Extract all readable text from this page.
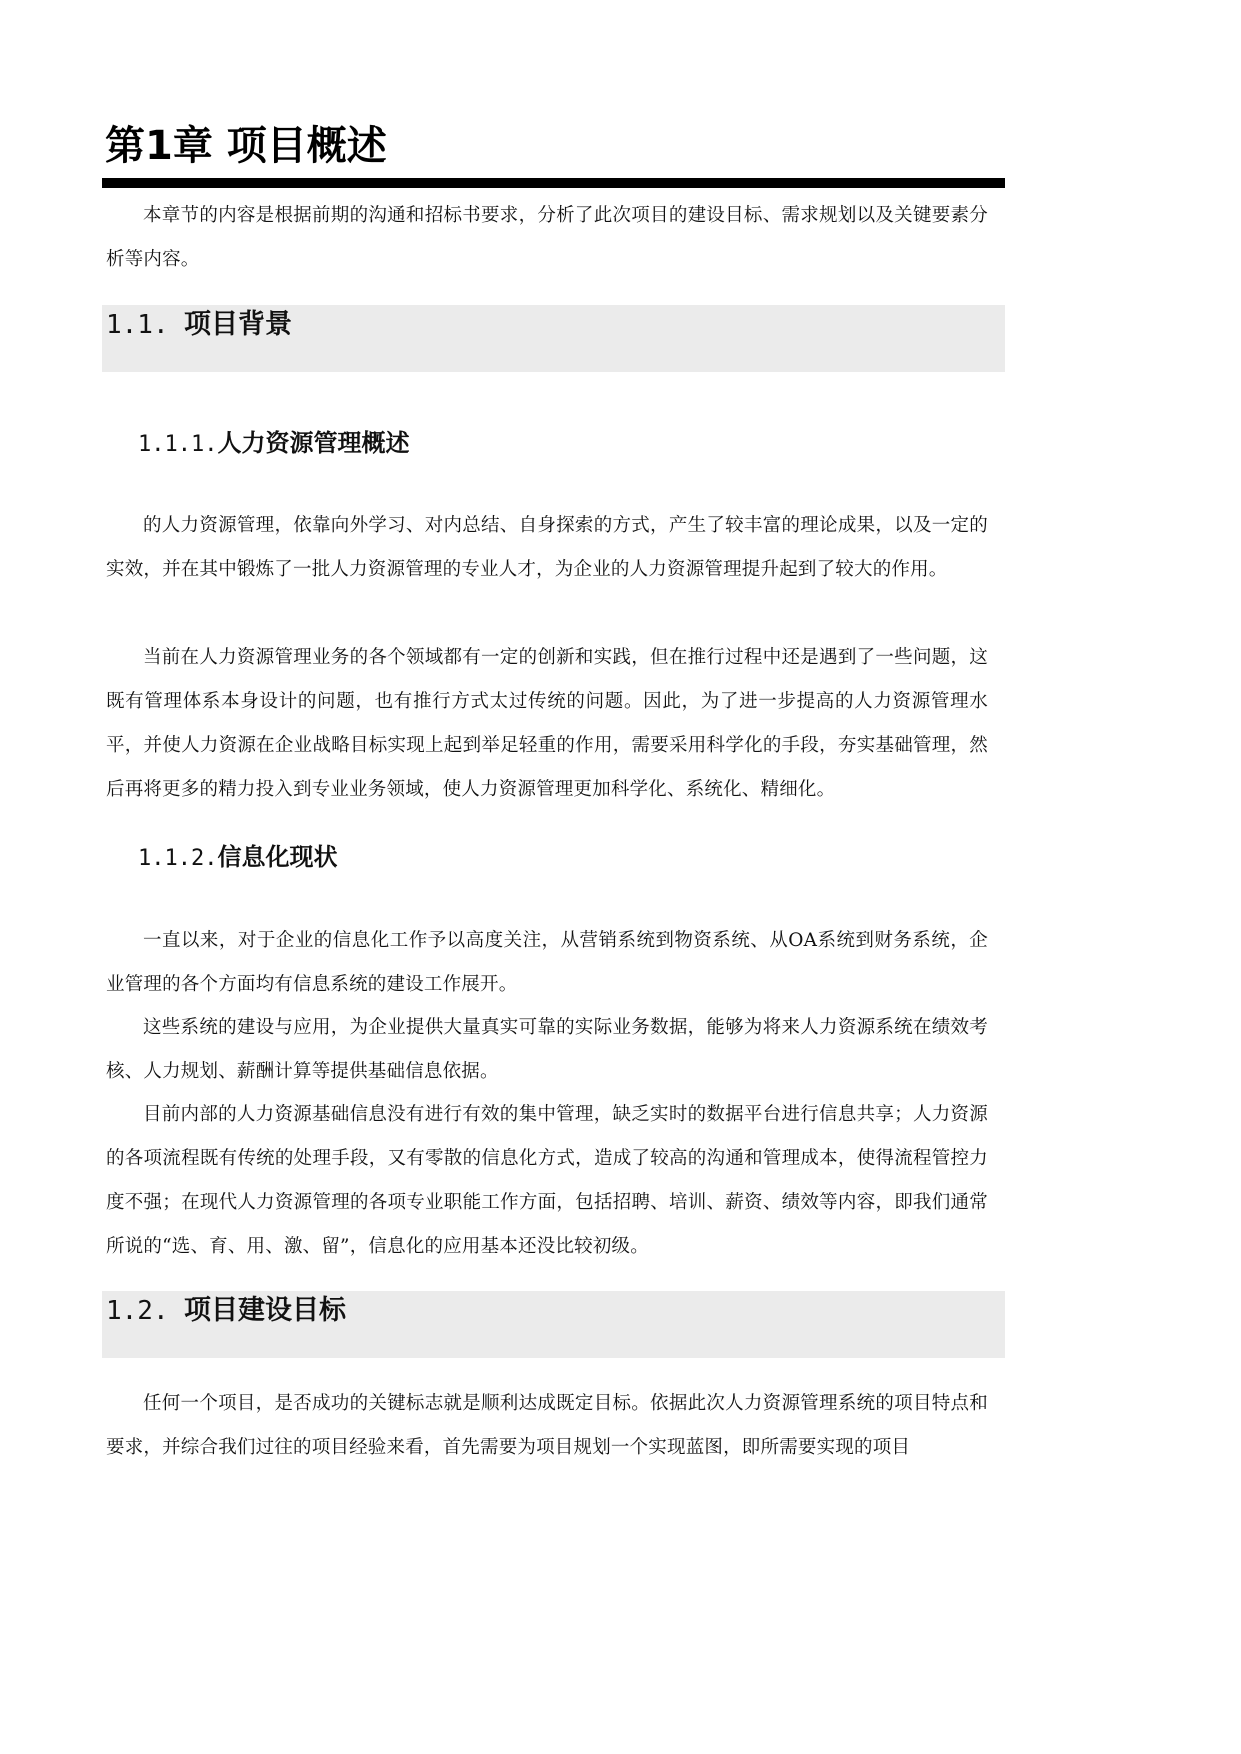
第1章 项目概述

本章节的内容是根据前期的沟通和招标书要求，分析了此次项目的建设目标、需求规划以及关键要素分析等内容。

1.1. 项目背景
1.1.1.人力资源管理概述

的人力资源管理，依靠向外学习、对内总结、自身探索的方式，产生了较丰富的理论成果，以及一定的实效，并在其中锻炼了一批人力资源管理的专业人才，为企业的人力资源管理提升起到了较大的作用。

当前在人力资源管理业务的各个领域都有一定的创新和实践，但在推行过程中还是遇到了一些问题，这既有管理体系本身设计的问题，也有推行方式太过传统的问题。因此，为了进一步提高的人力资源管理水平，并使人力资源在企业战略目标实现上起到举足轻重的作用，需要采用科学化的手段，夯实基础管理，然后再将更多的精力投入到专业业务领域，使人力资源管理更加科学化、系统化、精细化。

1.1.2.信息化现状

一直以来，对于企业的信息化工作予以高度关注，从营销系统到物资系统、从OA系统到财务系统，企业管理的各个方面均有信息系统的建设工作展开。

这些系统的建设与应用，为企业提供大量真实可靠的实际业务数据，能够为将来人力资源系统在绩效考核、人力规划、薪酬计算等提供基础信息依据。

目前内部的人力资源基础信息没有进行有效的集中管理，缺乏实时的数据平台进行信息共享；人力资源的各项流程既有传统的处理手段，又有零散的信息化方式，造成了较高的沟通和管理成本，使得流程管控力度不强；在现代人力资源管理的各项专业职能工作方面，包括招聘、培训、薪资、绩效等内容，即我们通常所说的“选、育、用、激、留”，信息化的应用基本还没比较初级。

1.2. 项目建设目标

任何一个项目，是否成功的关键标志就是顺利达成既定目标。依据此次人力资源管理系统的项目特点和要求，并综合我们过往的项目经验来看，首先需要为项目规划一个实现蓝图，即所需要实现的项目
